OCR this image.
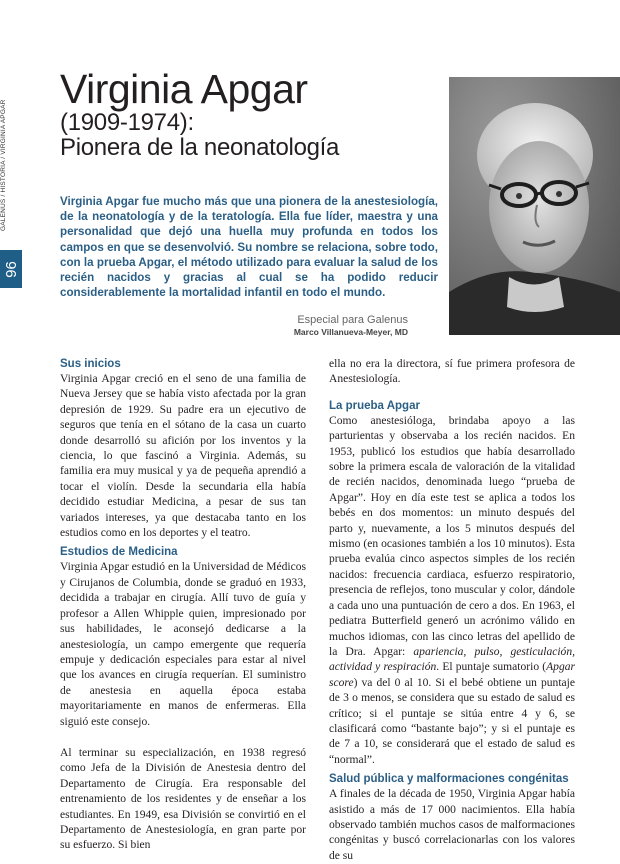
GALENUS / HISTORIA / VIRGINIA APGAR
96
Virginia Apgar
(1909-1974):
Pionera de la neonatología

Virginia Apgar fue mucho más que una pionera de la anestesiología, de la neonatología y de la teratología. Ella fue líder, maestra y una personalidad que dejó una huella muy profunda en todos los campos en que se desenvolvió. Su nombre se relaciona, sobre todo, con la prueba Apgar, el método utilizado para evaluar la salud de los recién nacidos y gracias al cual se ha podido reducir considerablemente la mortalidad infantil en todo el mundo.

Especial para Galenus
Marco Villanueva-Meyer, MD
Sus inicios

Virginia Apgar creció en el seno de una familia de Nueva Jersey que se había visto afectada por la gran depresión de 1929. Su padre era un ejecutivo de seguros que tenía en el sótano de la casa un cuarto donde desarrolló su afición por los inventos y la ciencia, lo que fascinó a Virginia. Además, su familia era muy musical y ya de pequeña aprendió a tocar el violín. Desde la secundaria ella había decidido estudiar Medicina, a pesar de sus tan variados intereses, ya que destacaba tanto en los estudios como en los deportes y el teatro.

Estudios de Medicina

Virginia Apgar estudió en la Universidad de Médicos y Cirujanos de Columbia, donde se graduó en 1933, decidida a trabajar en cirugía. Allí tuvo de guía y profesor a Allen Whipple quien, impresionado por sus habilidades, le aconsejó dedicarse a la anestesiología, un campo emergente que requería empuje y dedicación especiales para estar al nivel que los avances en cirugía requerían. El suministro de anestesia en aquella época estaba mayoritariamente en manos de enfermeras. Ella siguió este consejo.

Al terminar su especialización, en 1938 regresó como Jefa de la División de Anestesia dentro del Departamento de Cirugía. Era responsable del entrenamiento de los residentes y de enseñar a los estudiantes. En 1949, esa División se convirtió en el Departamento de Anestesiología, en gran parte por su esfuerzo. Si bien

ella no era la directora, sí fue primera profesora de Anestesiología.

La prueba Apgar

Como anestesióloga, brindaba apoyo a las parturientas y observaba a los recién nacidos. En 1953, publicó los estudios que había desarrollado sobre la primera escala de valoración de la vitalidad de recién nacidos, denominada luego “prueba de Apgar”. Hoy en día este test se aplica a todos los bebés en dos momentos: un minuto después del parto y, nuevamente, a los 5 minutos después del mismo (en ocasiones también a los 10 minutos). Esta prueba evalúa cinco aspectos simples de los recién nacidos: frecuencia cardiaca, esfuerzo respiratorio, presencia de reflejos, tono muscular y color, dándole a cada uno una puntuación de cero a dos. En 1963, el pediatra Butterfield generó un acrónimo válido en muchos idiomas, con las cinco letras del apellido de la Dra. Apgar: apariencia, pulso, gesticulación, actividad y respiración. El puntaje sumatorio (Apgar score) va del 0 al 10. Si el bebé obtiene un puntaje de 3 o menos, se considera que su estado de salud es crítico; si el puntaje se sitúa entre 4 y 6, se clasificará como “bastante bajo”; y si el puntaje es de 7 a 10, se considerará que el estado de salud es “normal”.

Salud pública y malformaciones congénitas

A finales de la década de 1950, Virginia Apgar había asistido a más de 17 000 nacimientos. Ella había observado también muchos casos de malformaciones congénitas y buscó correlacionarlas con los valores de su
